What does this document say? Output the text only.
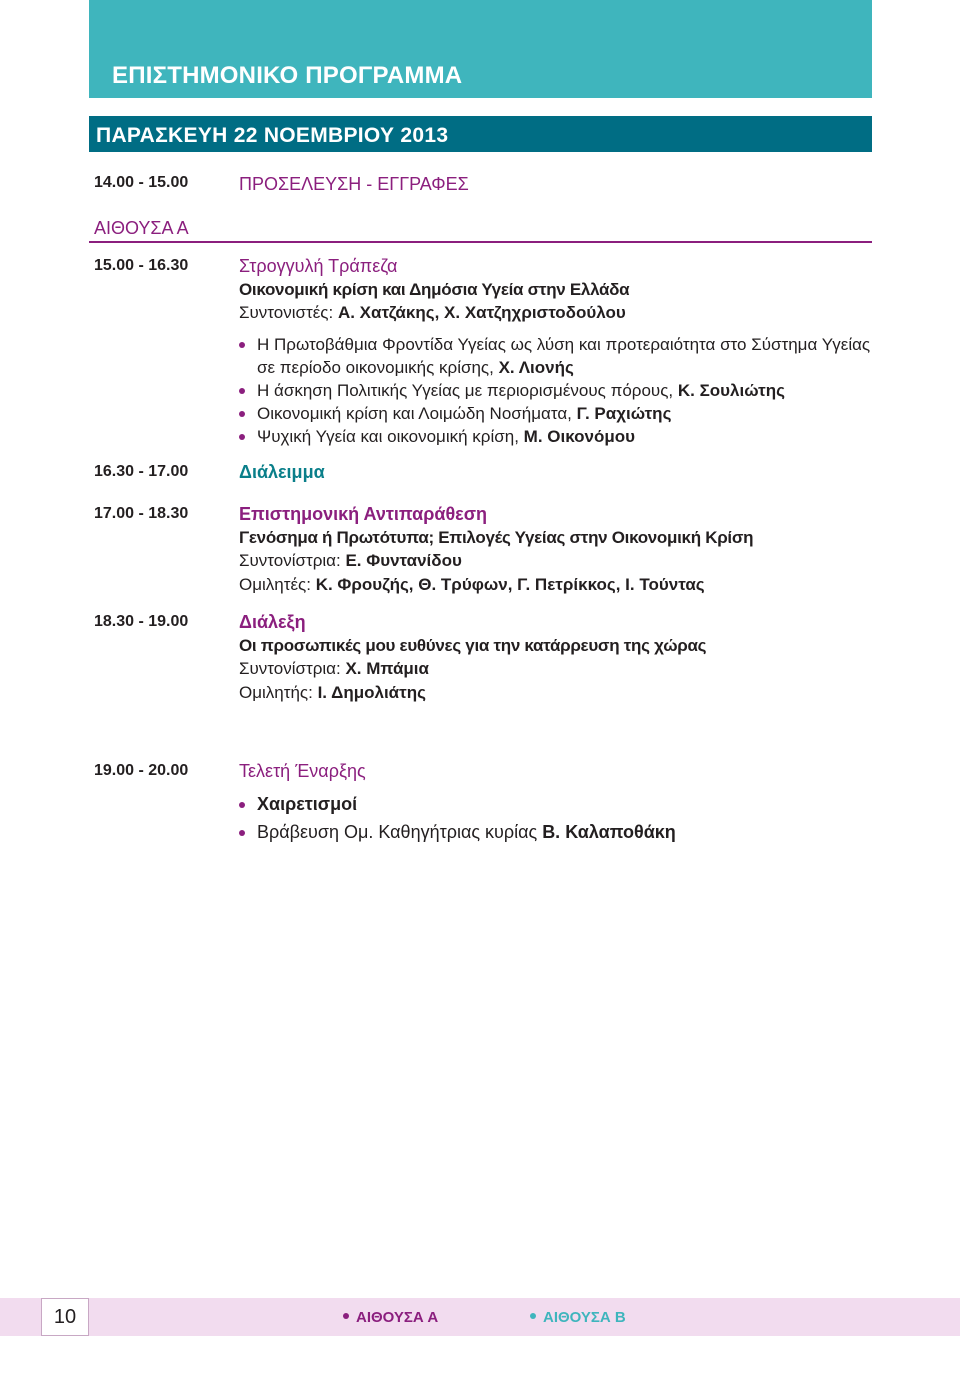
ΕΠΙΣΤΗΜΟΝΙΚΟ ΠΡΟΓΡΑΜΜΑ
ΠΑΡΑΣΚΕΥΗ 22 ΝΟΕΜΒΡΙΟΥ 2013
14.00 - 15.00	ΠΡΟΣΕΛΕΥΣΗ - ΕΓΓΡΑΦΕΣ
ΑΙΘΟΥΣΑ Α
15.00 - 16.30	Στρογγυλή Τράπεζα
Οικονομική κρίση και Δημόσια Υγεία στην Ελλάδα
Συντονιστές: Α. Χατζάκης, Χ. Χατζηχριστοδούλου
Η Πρωτοβάθμια Φροντίδα Υγείας ως λύση και προτεραιότητα στο Σύστημα Υγείας σε περίοδο οικονομικής κρίσης, Χ. Λιονής
Η άσκηση Πολιτικής Υγείας με περιορισμένους πόρους, Κ. Σουλιώτης
Οικονομική κρίση και Λοιμώδη Νοσήματα, Γ. Ραχιώτης
Ψυχική Υγεία και οικονομική κρίση, Μ. Οικονόμου
16.30 - 17.00	Διάλειμμα
17.00 - 18.30	Επιστημονική Αντιπαράθεση
Γενόσημα ή Πρωτότυπα; Επιλογές Υγείας στην Οικονομική Κρίση
Συντονίστρια: Ε. Φυντανίδου
Ομιλητές: Κ. Φρουζής, Θ. Τρύφων, Γ. Πετρίκκος, Ι. Τούντας
18.30 - 19.00	Διάλεξη
Οι προσωπικές μου ευθύνες για την κατάρρευση της χώρας
Συντονίστρια: Χ. Μπάμια
Ομιλητής: Ι. Δημολιάτης
19.00 - 20.00	Τελετή Έναρξης
Χαιρετισμοί
Βράβευση Ομ. Καθηγήτριας κυρίας Β. Καλαποθάκη
10	ΑΙΘΟΥΣΑ Α	ΑΙΘΟΥΣΑ Β
